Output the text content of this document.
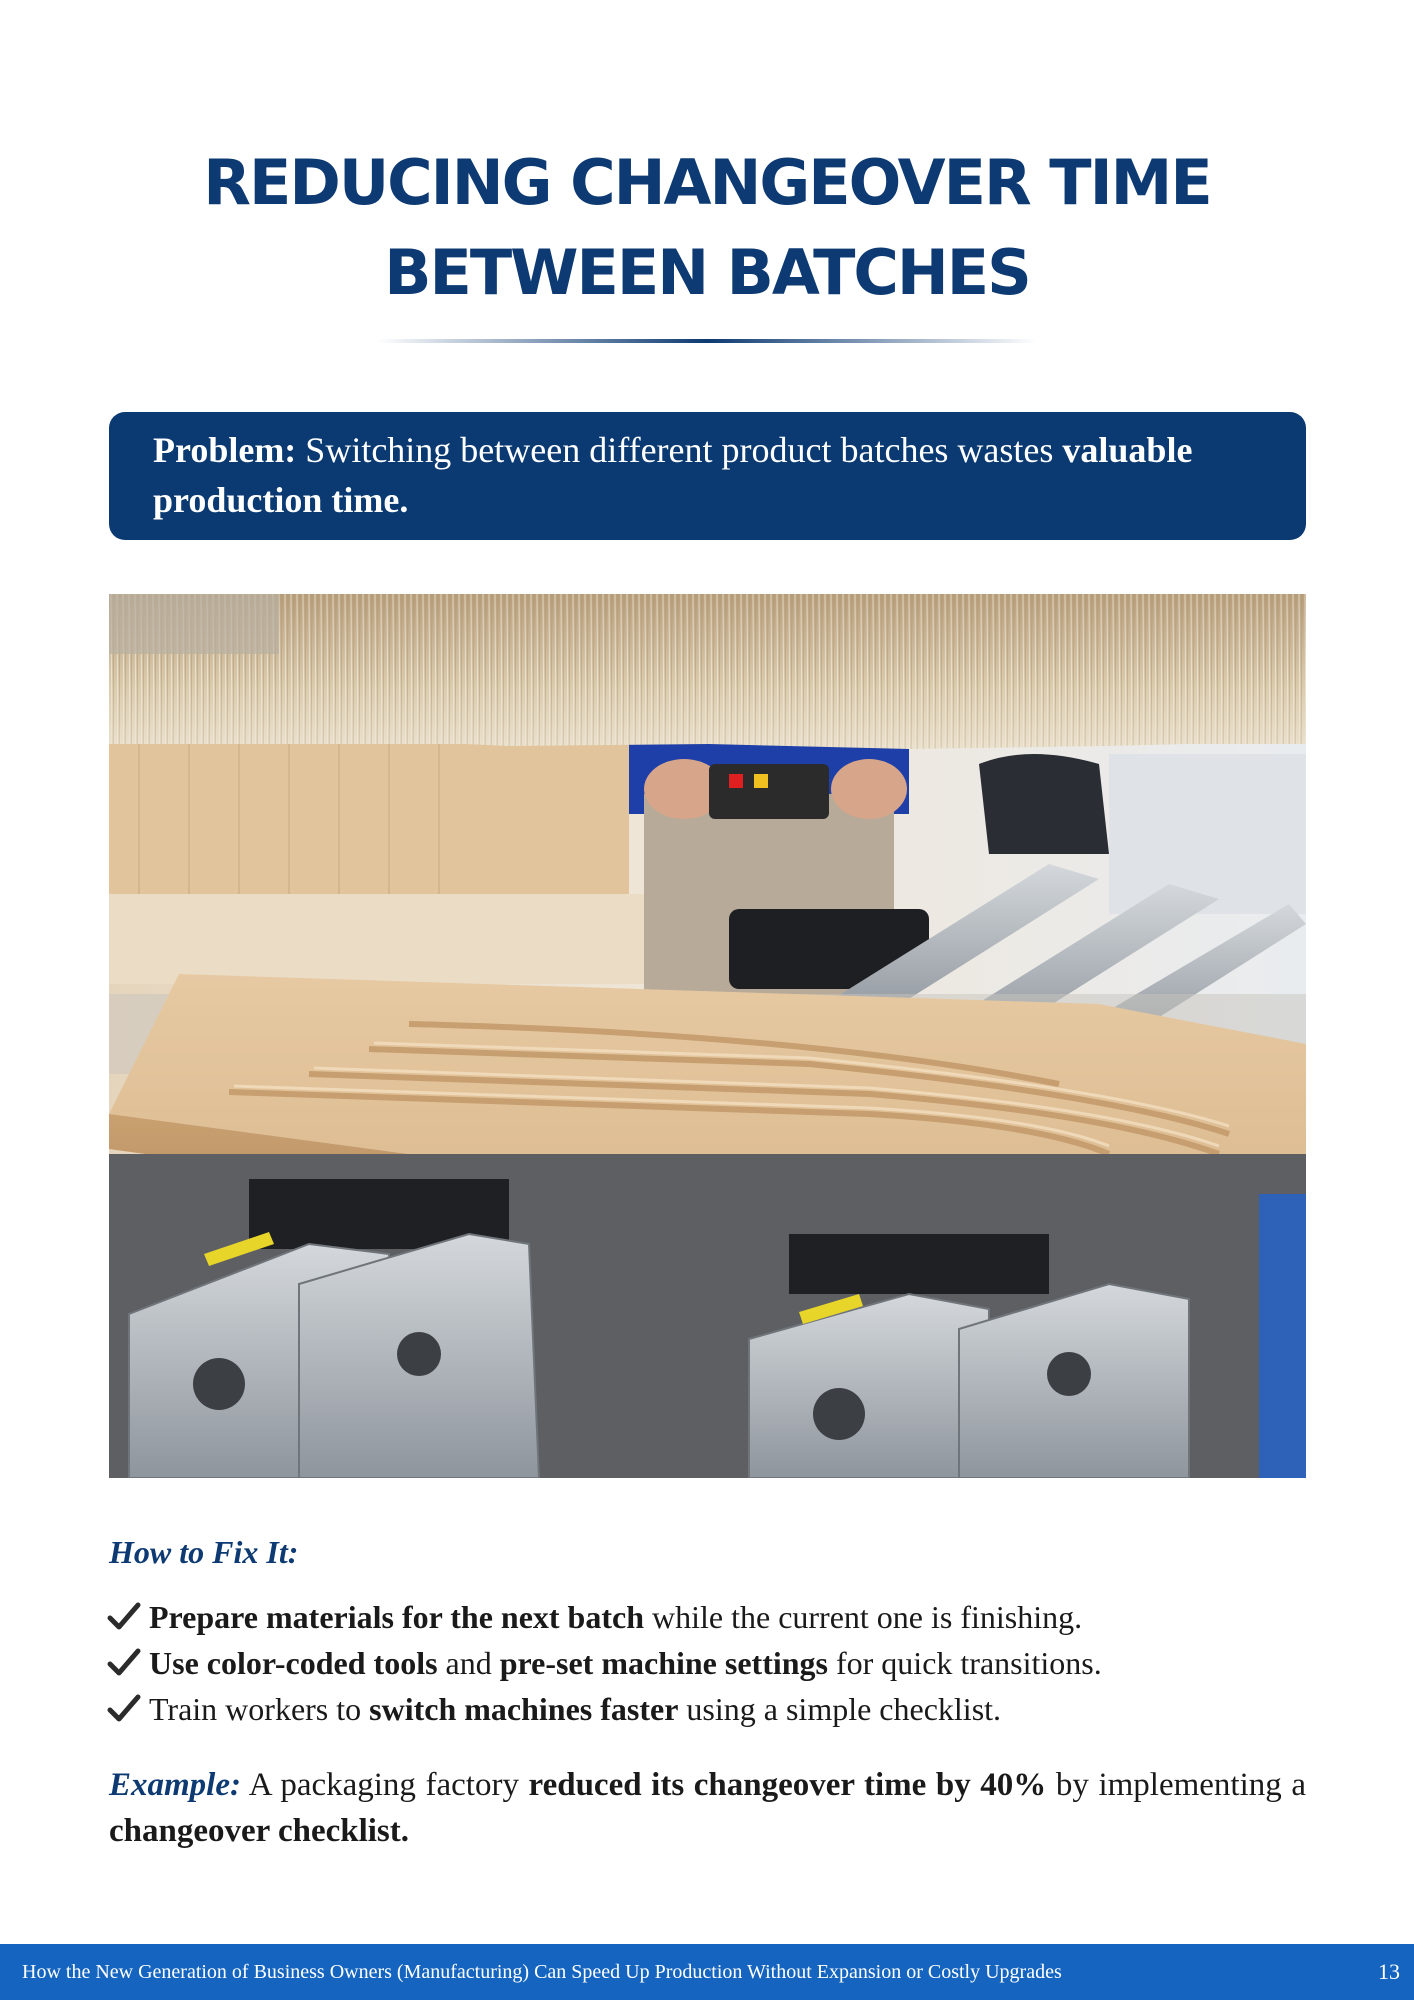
REDUCING CHANGEOVER TIME
BETWEEN BATCHES
Problem: Switching between different product batches wastes valuable production time.
How to Fix It:
Prepare materials for the next batch while the current one is finishing.
Use color-coded tools and pre-set machine settings for quick transitions.
Train workers to switch machines faster using a simple checklist.

Example: A packaging factory reduced its changeover time by 40% by implementing a changeover checklist.

How the New Generation of Business Owners (Manufacturing) Can Speed Up Production Without Expansion or Costly Upgrades	13
